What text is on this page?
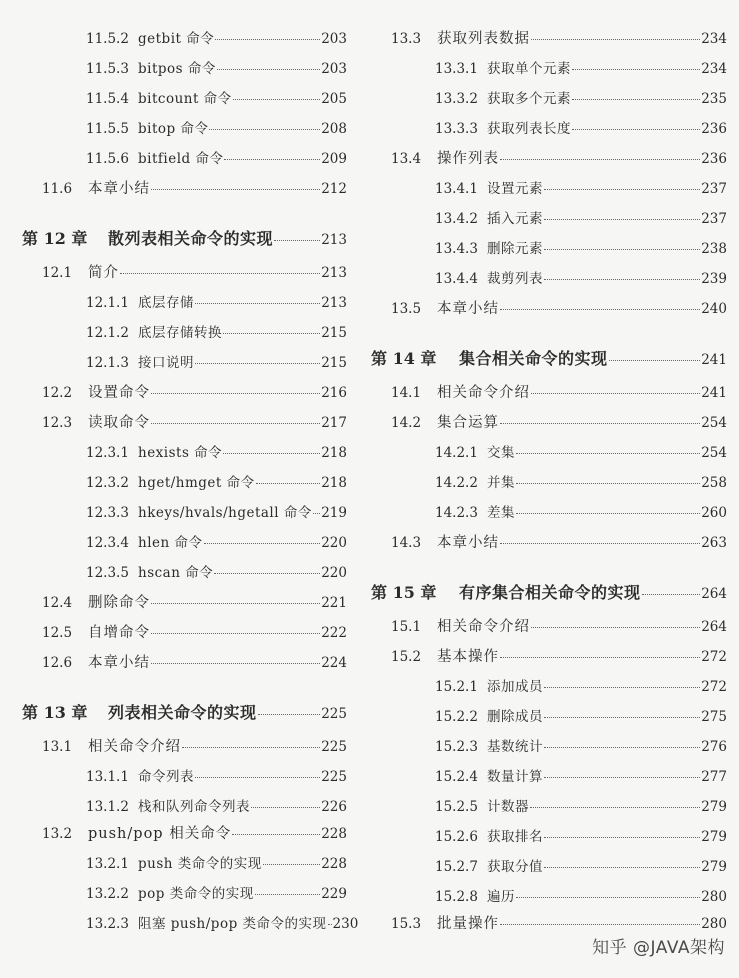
11.5.2 getbit 命令	203
11.5.3 bitpos 命令	203
11.5.4 bitcount 命令	205
11.5.5 bitop 命令	208
11.5.6 bitfield 命令	209
11.6	本章小结	212
第 12 章	散列表相关命令的实现	213
12.1	简介	213
12.1.1 底层存储	213
12.1.2 底层存储转换	215
12.1.3 接口说明	215
12.2	设置命令	216
12.3	读取命令	217
12.3.1 hexists 命令	218
12.3.2 hget/hmget 命令	218
12.3.3 hkeys/hvals/hgetall 命令 219
12.3.4 hlen 命令	220
12.3.5 hscan 命令	220
12.4	删除命令	221
12.5	自增命令	222
12.6	本章小结	224
第 13 章	列表相关命令的实现	225
13.1	相关命令介绍	225
13.1.1 命令列表	225
13.1.2 栈和队列命令列表	226
13.2	push/pop 相关命令	228
13.2.1 push 类命令的实现	228
13.2.2 pop 类命令的实现	229
13.2.3 阻塞 push/pop 类命令的实现 230
13.3	获取列表数据	234
13.3.1 获取单个元素	234
13.3.2 获取多个元素	235
13.3.3 获取列表长度	236
13.4	操作列表	236
13.4.1 设置元素	237
13.4.2 插入元素	237
13.4.3 删除元素	238
13.4.4 裁剪列表	239
13.5	本章小结	240
第 14 章	集合相关命令的实现	241
14.1	相关命令介绍	241
14.2	集合运算	254
14.2.1 交集	254
14.2.2 并集	258
14.2.3 差集	260
14.3	本章小结	263
第 15 章	有序集合相关命令的实现	264
15.1	相关命令介绍	264
15.2	基本操作	272
15.2.1 添加成员	272
15.2.2 删除成员	275
15.2.3 基数统计	276
15.2.4 数量计算	277
15.2.5 计数器	279
15.2.6 获取排名	279
15.2.7 获取分值	279
15.2.8 遍历	280
15.3	批量操作	280
知乎 @JAVA架构
